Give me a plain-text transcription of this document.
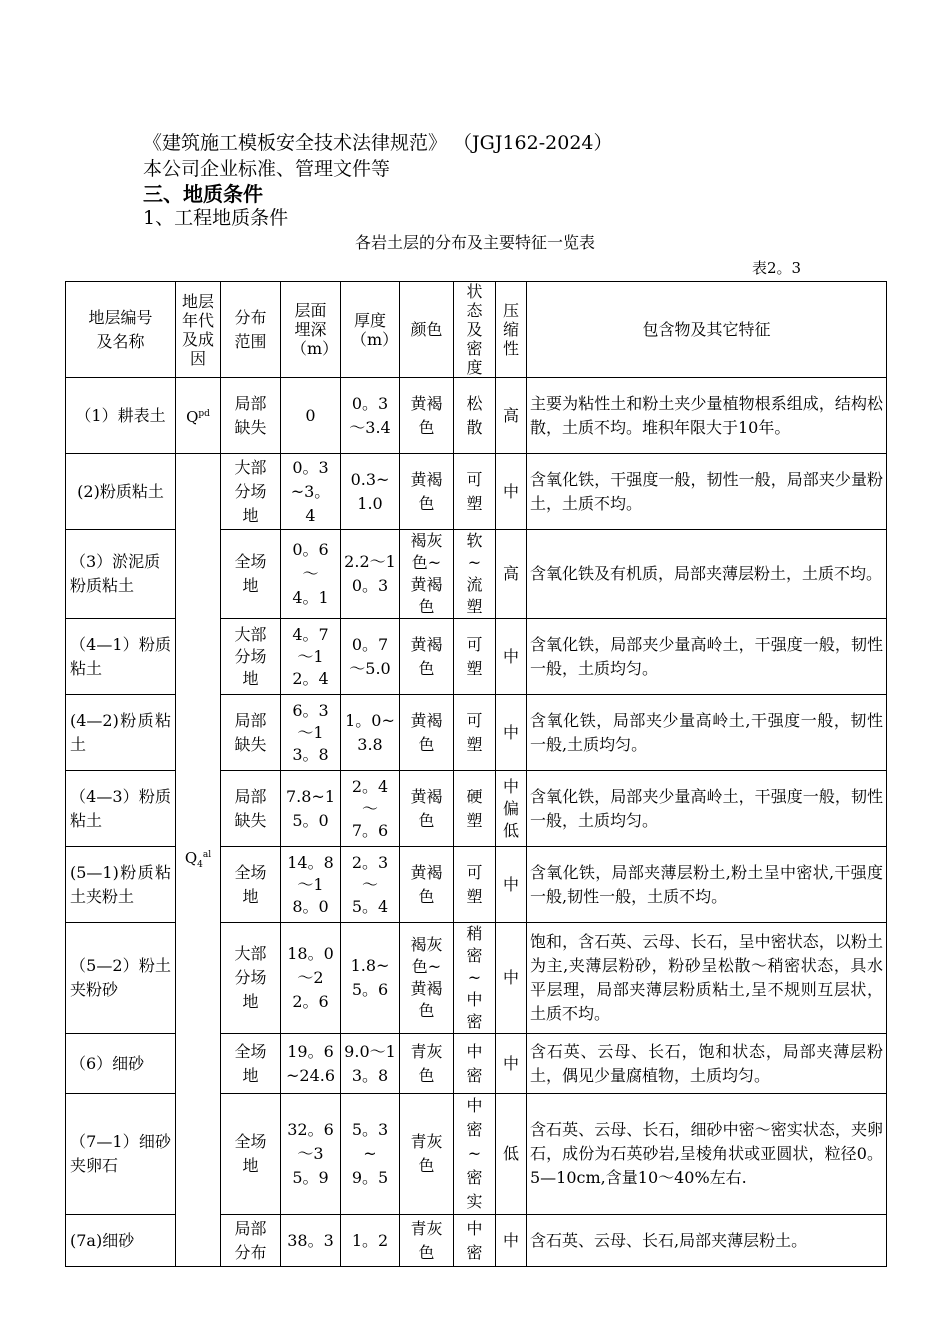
《建筑施工模板安全技术法律规范》 （JGJ162-2024）
本公司企业标准、管理文件等
三、地质条件
1、工程地质条件
各岩土层的分布及主要特征一览表
表2。3
地层编号及名称	地层年代及成因	分布范围	层面埋深（m）	厚度（m）	颜色	状态及密度	压缩性	包含物及其它特征
（1）耕表土	$Q^{pd}$	局部缺失	0	0。3～3.4	黄褐色	松散	高	主要为粘性土和粉土夹少量植物根系组成，结构松散，土质不均。堆积年限大于10年。
(2)粉质粘土	$Q_4^{al}$	大部分场地	0。3~3。4	0.3~1.0	黄褐色	可塑	中	含氧化铁，干强度一般，韧性一般，局部夹少量粉土，土质不均。
（3）淤泥质粉质粘土		全场地	0。6～4。1	2.2～10。3	褐灰色~黄褐色	软~流塑	高	含氧化铁及有机质，局部夹薄层粉土，土质不均。
（4—1）粉质粘土		大部分场地	4。7～12。4	0。7～5.0	黄褐色	可塑	中	含氧化铁，局部夹少量高岭土，干强度一般，韧性一般，土质均匀。
(4—2)粉质粘土		局部缺失	6。3～13。8	1。0~3.8	黄褐色	可塑	中	含氧化铁，局部夹少量高岭土,干强度一般，韧性一般,土质均匀。
（4—3）粉质粘土		局部缺失	7.8~15。0	2。4～7。6	黄褐色	硬塑	中偏低	含氧化铁，局部夹少量高岭土，干强度一般，韧性一般，土质均匀。
(5—1)粉质粘土夹粉土		全场地	14。8～18。0	2。3～5。4	黄褐色	可塑	中	含氧化铁，局部夹薄层粉土,粉土呈中密状,干强度一般,韧性一般，土质不均。
（5—2）粉土夹粉砂		大部分场地	18。0～22。6	1.8~5。6	褐灰色~黄褐色	稍密~中密	中	饱和，含石英、云母、长石，呈中密状态，以粉土为主,夹薄层粉砂，粉砂呈松散～稍密状态，具水平层理，局部夹薄层粉质粘土,呈不规则互层状，土质不均。
（6）细砂		全场地	19。6~24.6	9.0～13。8	青灰色	中密	中	含石英、云母、长石，饱和状态，局部夹薄层粉土，偶见少量腐植物，土质均匀。
（7—1）细砂夹卵石		全场地	32。6～35。9	5。3~9。5	青灰色	中密~密实	低	含石英、云母、长石，细砂中密～密实状态，夹卵石，成份为石英砂岩,呈棱角状或亚圆状，粒径0。5—10cm,含量10～40%左右.
(7a)细砂		局部分布	38。3	1。2	青灰色	中密	中	含石英、云母、长石,局部夹薄层粉土。
